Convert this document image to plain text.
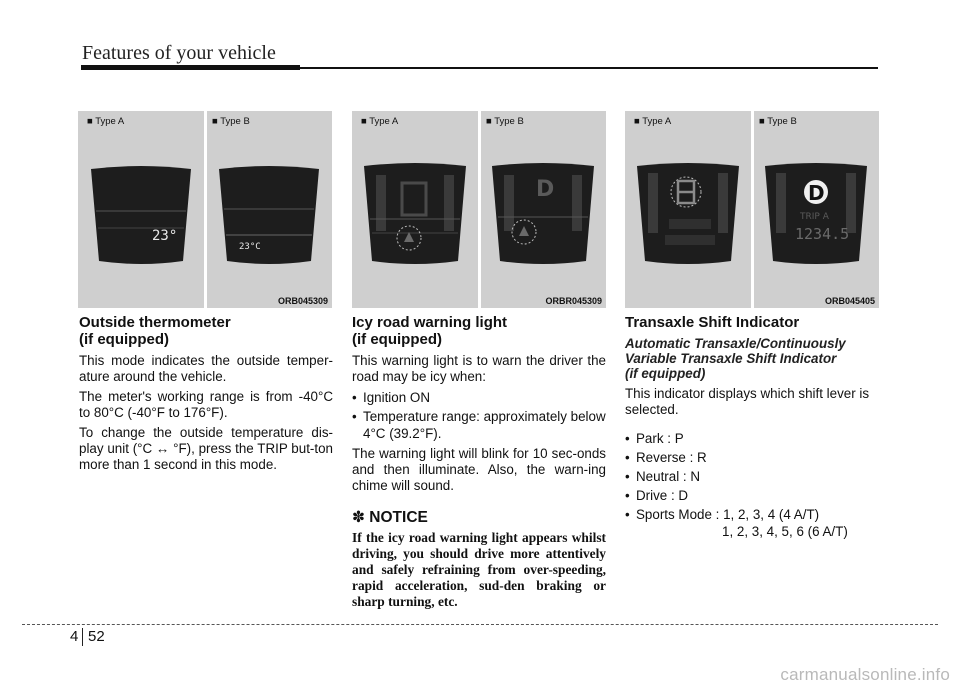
Features of your vehicle
23°
23°C
■ Type A	■ Type B
ORB045309
D
■ Type A	■ Type B
ORBR045309
D
TRIP A
1234.5
■ Type A	■ Type B
ORB045405
Outside thermometer
(if equipped)

This mode indicates the outside temper-ature around the vehicle.

The meter's working range is from -40°C to 80°C (-40°F to 176°F).

To change the outside temperature dis-play unit (°C ↔ °F), press the TRIP but-ton more than 1 second in this mode.

Icy road warning light
(if equipped)

This warning light is to warn the driver the road may be icy when:

• Ignition ON
• Temperature range: approximately below 4°C (39.2°F).

The warning light will blink for 10 sec-onds and then illuminate. Also, the warn-ing chime will sound.

✽ NOTICE

If the icy road warning light appears whilst driving, you should drive more attentively and safely refraining from over-speeding, rapid acceleration, sud-den braking or sharp turning, etc.

Transaxle Shift Indicator
Automatic Transaxle/Continuously Variable Transaxle Shift Indicator
(if equipped)

This indicator displays which shift lever is selected.

• Park : P
• Reverse : R
• Neutral : N
• Drive : D
• Sports Mode : 1, 2, 3, 4 (4 A/T)
1, 2, 3, 4, 5, 6 (6 A/T)
4 52
carmanualsonline.info
